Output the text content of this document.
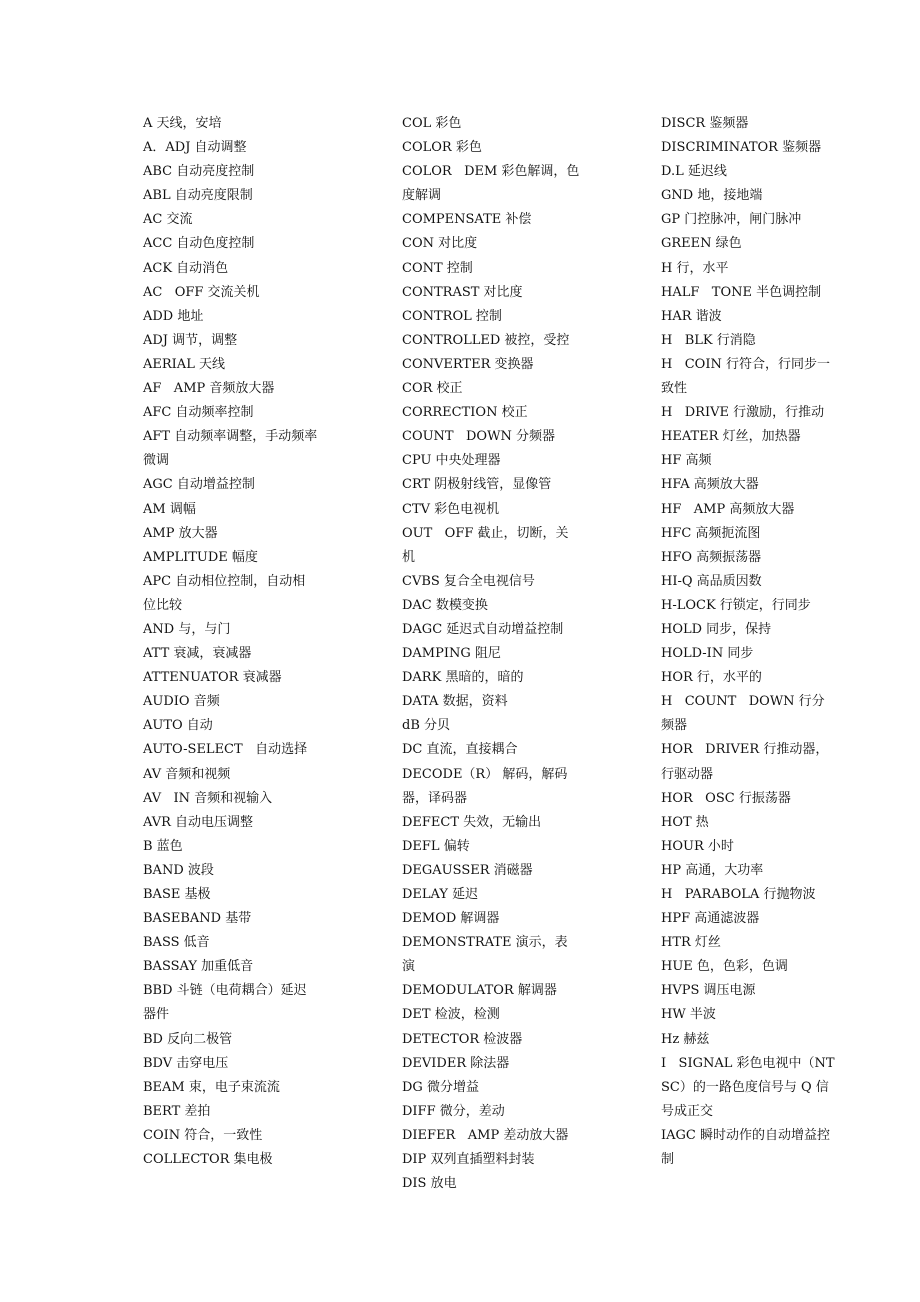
A 天线，安培
A．ADJ 自动调整
ABC 自动亮度控制
ABL 自动亮度限制
AC 交流
ACC 自动色度控制
ACK 自动消色
AC   OFF 交流关机
ADD 地址
ADJ 调节，调整
AERIAL 天线
AF   AMP 音频放大器
AFC 自动频率控制
AFT 自动频率调整，手动频率微调
AGC 自动增益控制
AM 调幅
AMP 放大器
AMPLITUDE 幅度
APC 自动相位控制，自动相位比较
AND 与，与门
ATT 衰减，衰减器
ATTENUATOR 衰减器
AUDIO 音频
AUTO 自动
AUTO-SELECT   自动选择
AV 音频和视频
AV   IN 音频和视输入
AVR 自动电压调整
B 蓝色
BAND 波段
BASE 基极
BASEBAND 基带
BASS 低音
BASSAY 加重低音
BBD 斗链（电荷耦合）延迟器件
BD 反向二极管
BDV 击穿电压
BEAM 束，电子束流流
BERT 差拍
COIN 符合，一致性
COLLECTOR 集电极
COL 彩色
COLOR 彩色
COLOR   DEM 彩色解调，色度解调
COMPENSATE 补偿
CON 对比度
CONT 控制
CONTRAST 对比度
CONTROL 控制
CONTROLLED 被控，受控
CONVERTER 变换器
COR 校正
CORRECTION 校正
COUNT   DOWN 分频器
CPU 中央处理器
CRT 阴极射线管，显像管
CTV 彩色电视机
OUT   OFF 截止，切断，关机
CVBS 复合全电视信号
DAC 数模变换
DAGC 延迟式自动增益控制
DAMPING 阻尼
DARK 黑暗的，暗的
DATA 数据，资料
dB 分贝
DC 直流，直接耦合
DECODE（R） 解码，解码器，译码器
DEFECT 失效，无输出
DEFL 偏转
DEGAUSSER 消磁器
DELAY 延迟
DEMOD 解调器
DEMONSTRATE 演示，表演
DEMODULATOR 解调器
DET 检波，检测
DETECTOR 检波器
DEVIDER 除法器
DG 微分增益
DIFF 微分，差动
DIEFER   AMP 差动放大器
DIP 双列直插塑料封装
DIS 放电
DISCR 鉴频器
DISCRIMINATOR 鉴频器
D.L 延迟线
GND 地，接地端
GP 门控脉冲，闸门脉冲
GREEN 绿色
H 行，水平
HALF   TONE 半色调控制
HAR 谐波
H   BLK 行消隐
H   COIN 行符合，行同步一致性
H   DRIVE 行激励，行推动
HEATER 灯丝，加热器
HF 高频
HFA 高频放大器
HF   AMP 高频放大器
HFC 高频扼流图
HFO 高频振荡器
HI-Q 高品质因数
H-LOCK 行锁定，行同步
HOLD 同步，保持
HOLD-IN 同步
HOR 行，水平的
H   COUNT   DOWN 行分频器
HOR   DRIVER 行推动器，行驱动器
HOR   OSC 行振荡器
HOT 热
HOUR 小时
HP 高通，大功率
H   PARABOLA 行抛物波
HPF 高通滤波器
HTR 灯丝
HUE 色，色彩，色调
HVPS 调压电源
HW 半波
Hz 赫兹
I   SIGNAL 彩色电视中（NTSC）的一路色度信号与 Q 信号成正交
IAGC 瞬时动作的自动增益控制
